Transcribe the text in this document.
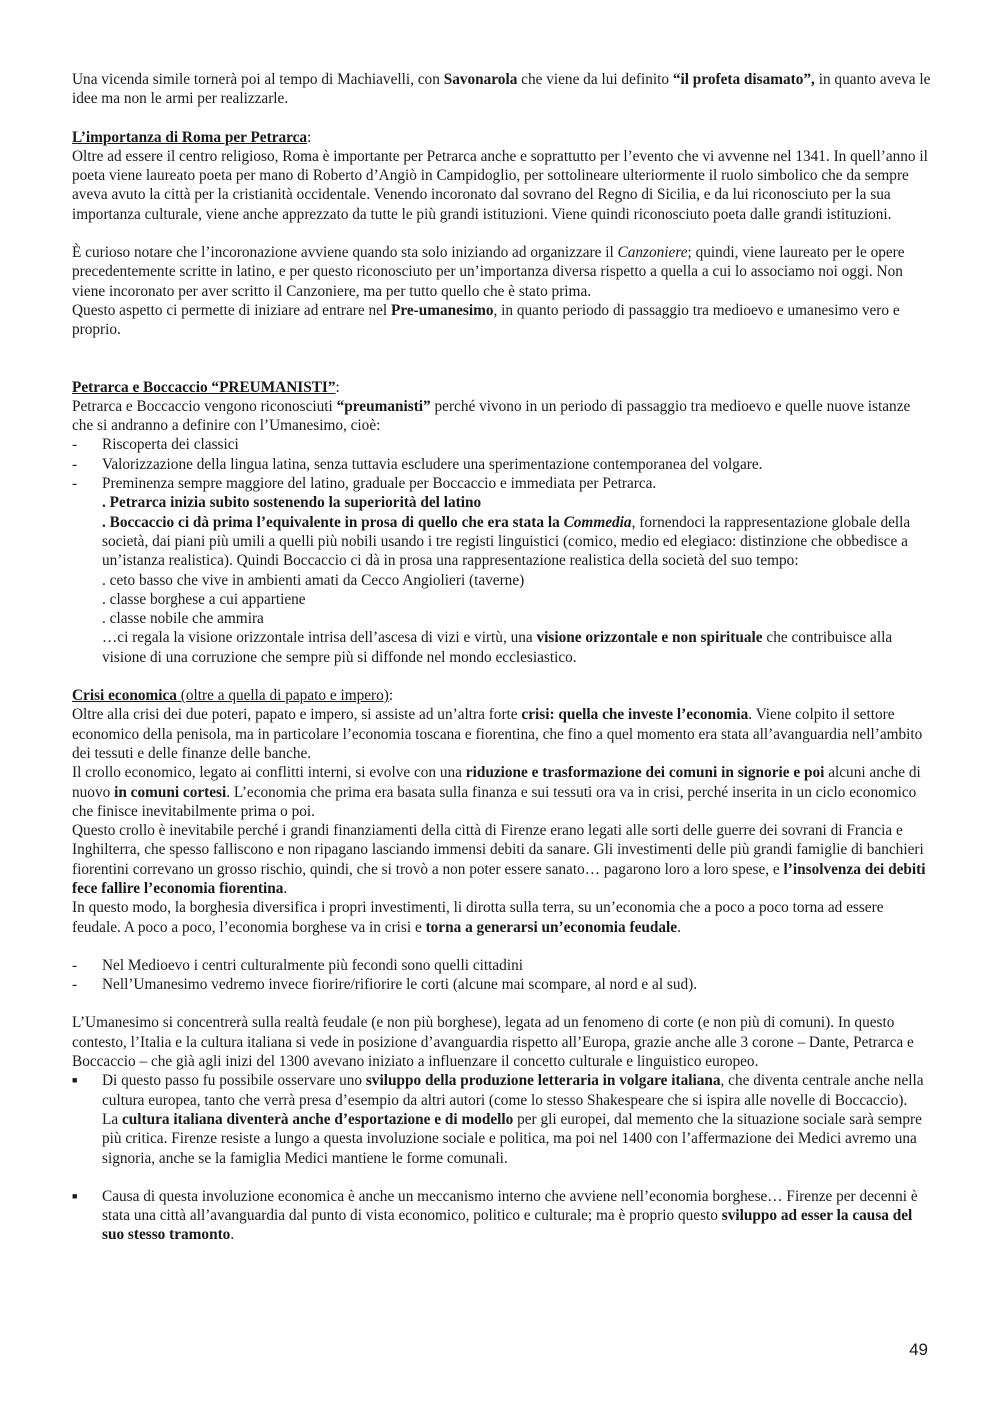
Una vicenda simile tornerà poi al tempo di Machiavelli, con Savonarola che viene da lui definito “il profeta disamato”, in quanto aveva le idee ma non le armi per realizzarle.

L’importanza di Roma per Petrarca:

Oltre ad essere il centro religioso, Roma è importante per Petrarca anche e soprattutto per l’evento che vi avvenne nel 1341. In quell’anno il poeta viene laureato poeta per mano di Roberto d’Angiò in Campidoglio, per sottolineare ulteriormente il ruolo simbolico che da sempre aveva avuto la città per la cristianità occidentale. Venendo incoronato dal sovrano del Regno di Sicilia, e da lui riconosciuto per la sua importanza culturale, viene anche apprezzato da tutte le più grandi istituzioni. Viene quindi riconosciuto poeta dalle grandi istituzioni.

È curioso notare che l’incoronazione avviene quando sta solo iniziando ad organizzare il Canzoniere; quindi, viene laureato per le opere precedentemente scritte in latino, e per questo riconosciuto per un’importanza diversa rispetto a quella a cui lo associamo noi oggi. Non viene incoronato per aver scritto il Canzoniere, ma per tutto quello che è stato prima.

Questo aspetto ci permette di iniziare ad entrare nel Pre-umanesimo, in quanto periodo di passaggio tra medioevo e umanesimo vero e proprio.

Petrarca e Boccaccio “PREUMANISTI”:

Petrarca e Boccaccio vengono riconosciuti “preumanisti” perché vivono in un periodo di passaggio tra medioevo e quelle nuove istanze che si andranno a definire con l’Umanesimo, cioè:

-	Riscoperta dei classici
-	Valorizzazione della lingua latina, senza tuttavia escludere una sperimentazione contemporanea del volgare.
-	Preminenza sempre maggiore del latino, graduale per Boccaccio e immediata per Petrarca.

. Petrarca inizia subito sostenendo la superiorità del latino

. Boccaccio ci dà prima l’equivalente in prosa di quello che era stata la Commedia, fornendoci la rappresentazione globale della società, dai piani più umili a quelli più nobili usando i tre registi linguistici (comico, medio ed elegiaco: distinzione che obbedisce a un’istanza realistica). Quindi Boccaccio ci dà in prosa una rappresentazione realistica della società del suo tempo:

. ceto basso che vive in ambienti amati da Cecco Angiolieri (taverne)

. classe borghese a cui appartiene

. classe nobile che ammira

…ci regala la visione orizzontale intrisa dell’ascesa di vizi e virtù, una visione orizzontale e non spirituale che contribuisce alla visione di una corruzione che sempre più si diffonde nel mondo ecclesiastico.

Crisi economica (oltre a quella di papato e impero):

Oltre alla crisi dei due poteri, papato e impero, si assiste ad un’altra forte crisi: quella che investe l’economia. Viene colpito il settore economico della penisola, ma in particolare l’economia toscana e fiorentina, che fino a quel momento era stata all’avanguardia nell’ambito dei tessuti e delle finanze delle banche.

Il crollo economico, legato ai conflitti interni, si evolve con una riduzione e trasformazione dei comuni in signorie e poi alcuni anche di nuovo in comuni cortesi. L’economia che prima era basata sulla finanza e sui tessuti ora va in crisi, perché inserita in un ciclo economico che finisce inevitabilmente prima o poi.

Questo crollo è inevitabile perché i grandi finanziamenti della città di Firenze erano legati alle sorti delle guerre dei sovrani di Francia e Inghilterra, che spesso falliscono e non ripagano lasciando immensi debiti da sanare. Gli investimenti delle più grandi famiglie di banchieri fiorentini correvano un grosso rischio, quindi, che si trovò a non poter essere sanato… pagarono loro a loro spese, e l’insolvenza dei debiti fece fallire l’economia fiorentina.

In questo modo, la borghesia diversifica i propri investimenti, li dirotta sulla terra, su un’economia che a poco a poco torna ad essere feudale. A poco a poco, l’economia borghese va in crisi e torna a generarsi un’economia feudale.

-	Nel Medioevo i centri culturalmente più fecondi sono quelli cittadini
-	Nell’Umanesimo vedremo invece fiorire/rifiorire le corti (alcune mai scompare, al nord e al sud).

L’Umanesimo si concentrerà sulla realtà feudale (e non più borghese), legata ad un fenomeno di corte (e non più di comuni). In questo contesto, l’Italia e la cultura italiana si vede in posizione d’avanguardia rispetto all’Europa, grazie anche alle 3 corone – Dante, Petrarca e Boccaccio – che già agli inizi del 1300 avevano iniziato a influenzare il concetto culturale e linguistico europeo.

■	Di questo passo fu possibile osservare uno sviluppo della produzione letteraria in volgare italiana, che diventa centrale anche nella cultura europea, tanto che verrà presa d’esempio da altri autori (come lo stesso Shakespeare che si ispira alle novelle di Boccaccio).

La cultura italiana diventerà anche d’esportazione e di modello per gli europei, dal memento che la situazione sociale sarà sempre più critica. Firenze resiste a lungo a questa involuzione sociale e politica, ma poi nel 1400 con l’affermazione dei Medici avremo una signoria, anche se la famiglia Medici mantiene le forme comunali.

■	Causa di questa involuzione economica è anche un meccanismo interno che avviene nell’economia borghese… Firenze per decenni è stata una città all’avanguardia dal punto di vista economico, politico e culturale; ma è proprio questo sviluppo ad esser la causa del suo stesso tramonto.

49
